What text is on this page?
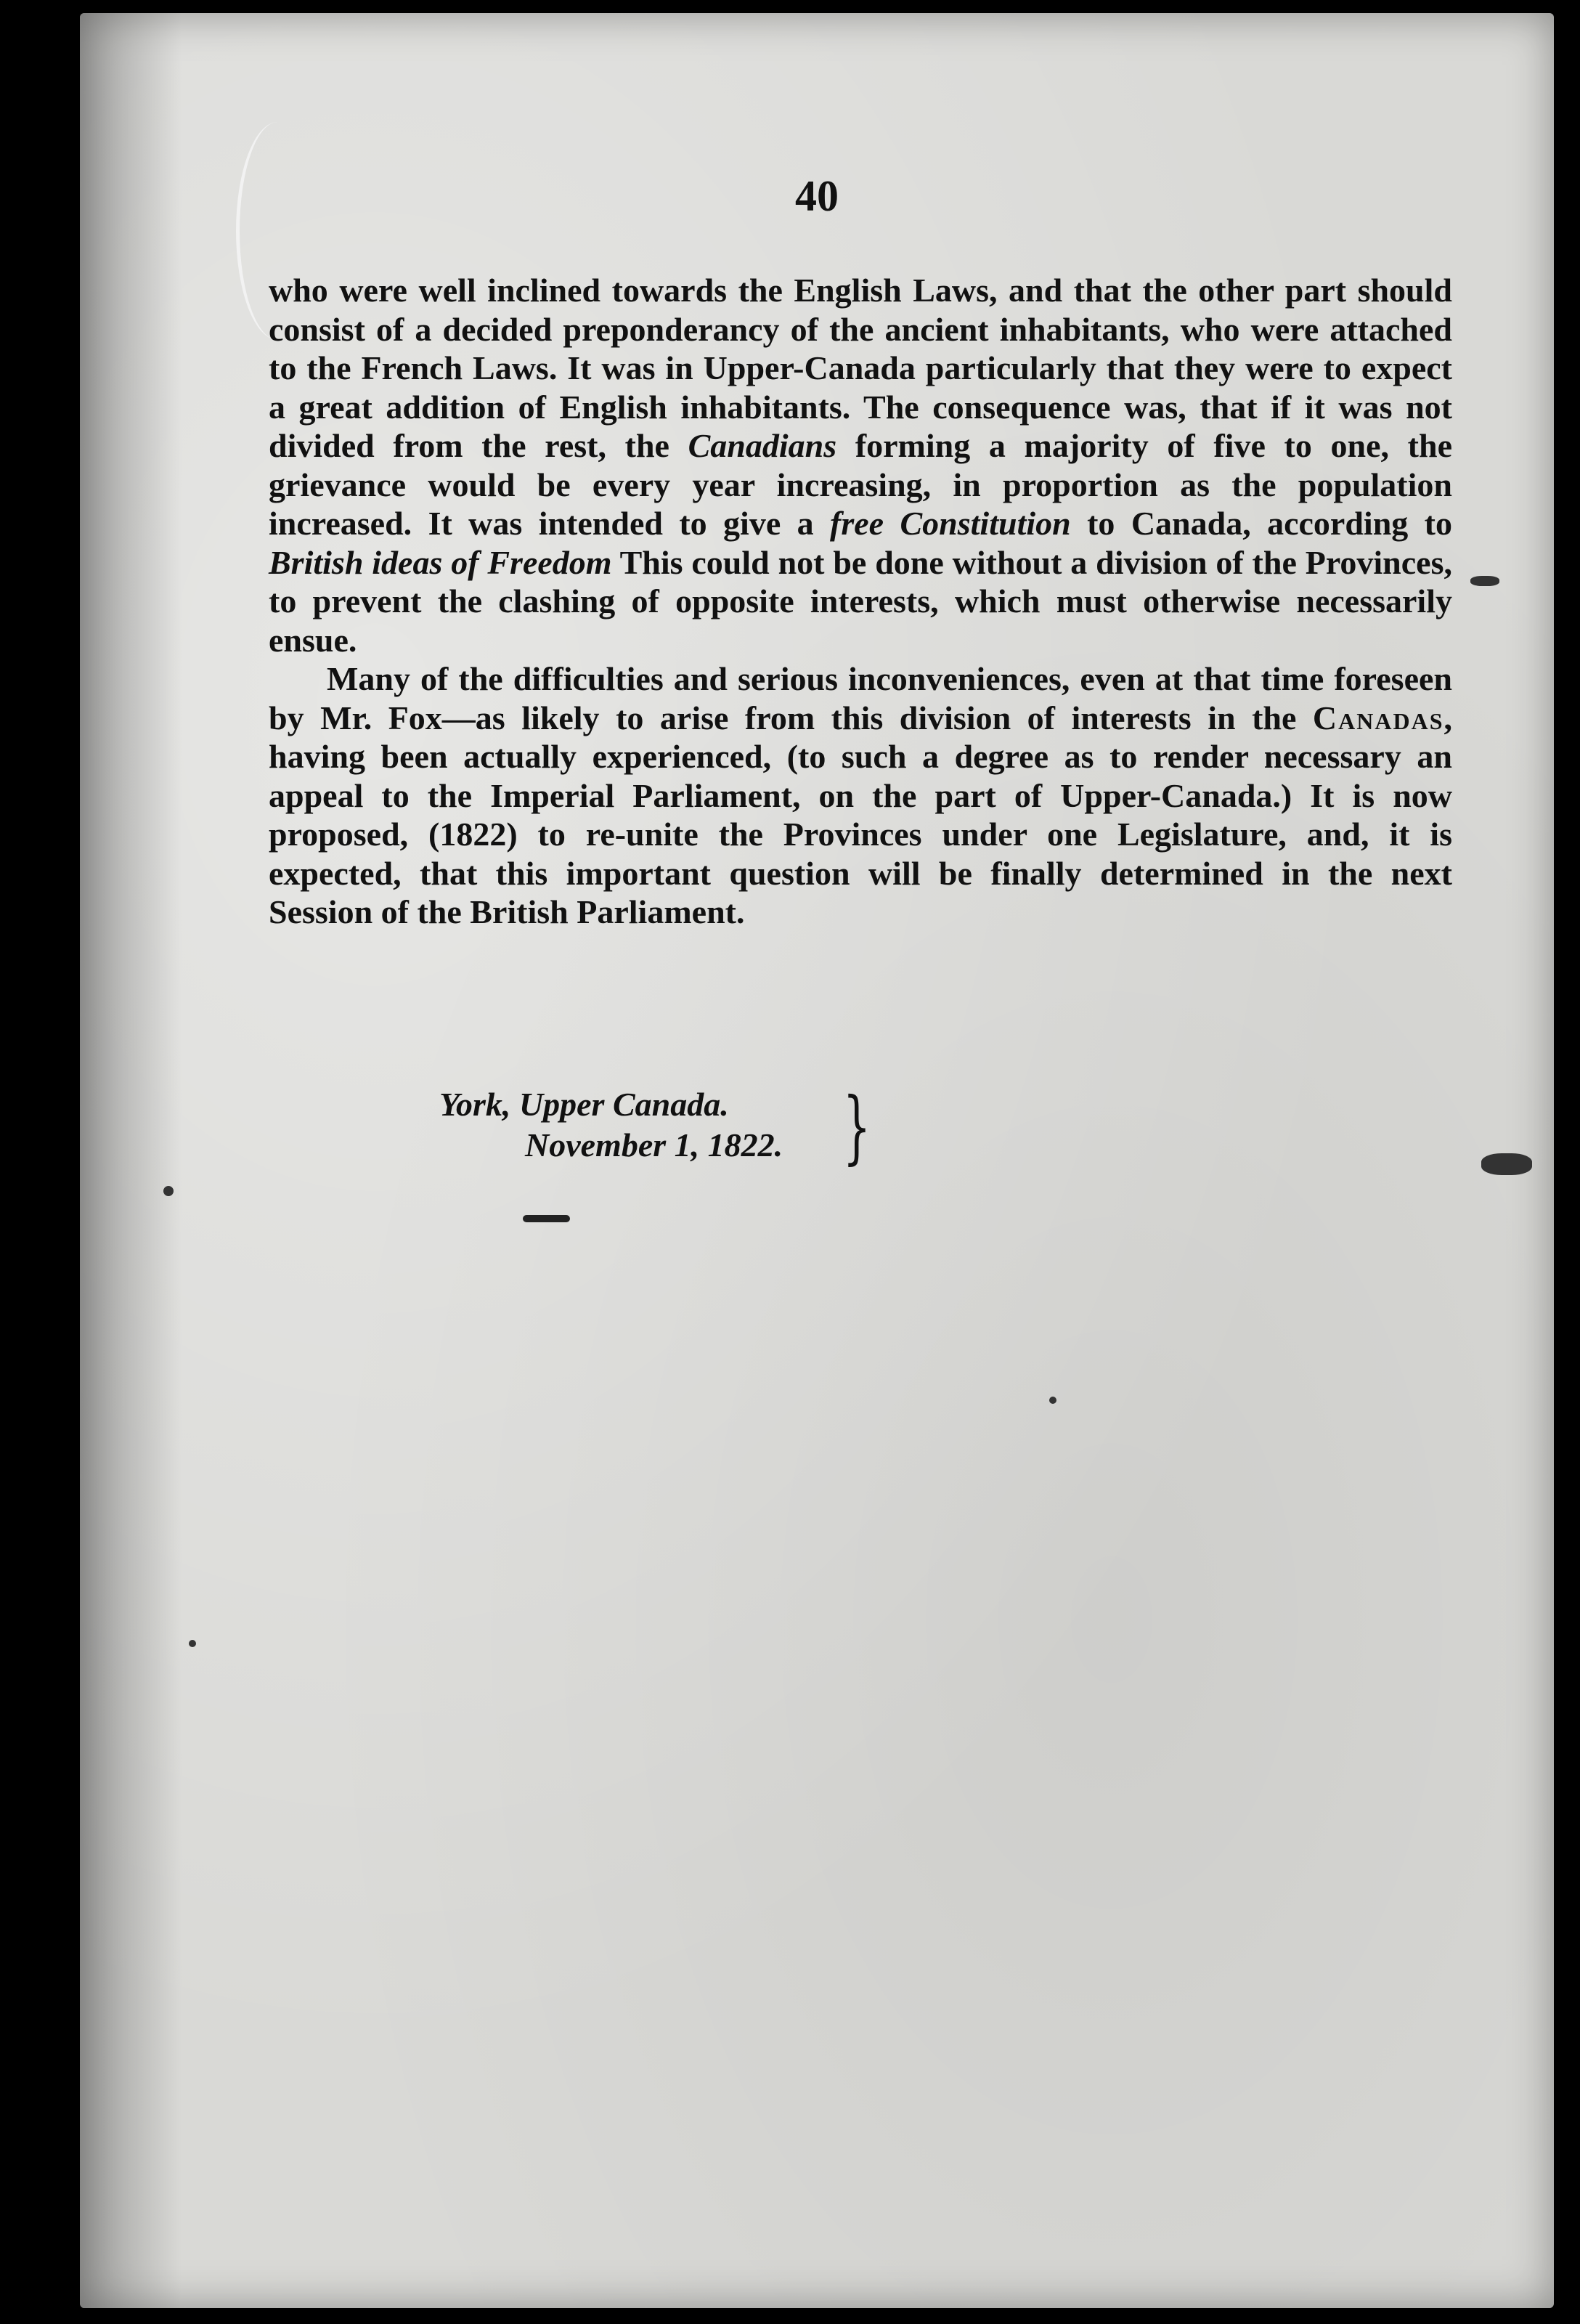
40

who were well inclined towards the English Laws, and that the other part should consist of a decided preponderancy of the ancient inhabitants, who were attached to the French Laws. It was in Upper-Canada particularly that they were to expect a great addition of English inhabitants. The consequence was, that if it was not divided from the rest, the Canadians forming a majority of five to one, the grievance would be every year increasing, in proportion as the population increased. It was intended to give a free Constitution to Canada, according to British ideas of Freedom This could not be done without a division of the Provinces, to prevent the clashing of opposite interests, which must otherwise necessarily ensue.

Many of the difficulties and serious inconveniences, even at that time foreseen by Mr. Fox—as likely to arise from this division of interests in the Canadas, having been actually experienced, (to such a degree as to render necessary an appeal to the Imperial Parliament, on the part of Upper-Canada.) It is now proposed, (1822) to re-unite the Provinces under one Legislature, and, it is expected, that this important question will be finally determined in the next Session of the British Parliament.

York, Upper Canada.
November 1, 1822. }
